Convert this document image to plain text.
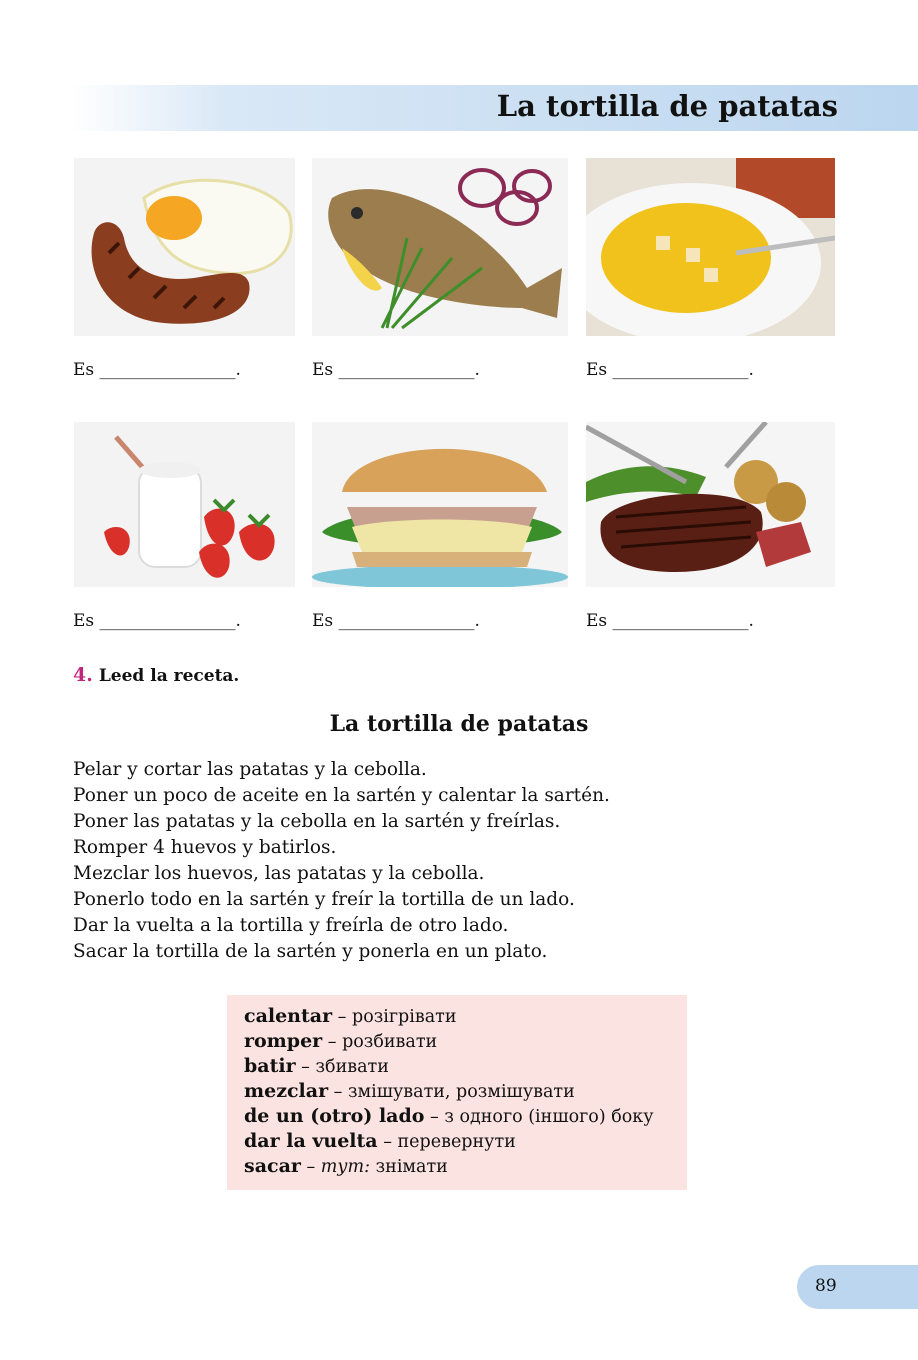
La tortilla de patatas
Es ________________.	Es ________________.	Es ________________.
Es ________________.	Es ________________.	Es ________________.
4. Leed la receta.
La tortilla de patatas
Pelar y cortar las patatas y la cebolla.
Poner un poco de aceite en la sartén y calentar la sartén.
Poner las patatas y la cebolla en la sartén y freírlas.
Romper 4 huevos y batirlos.
Mezclar los huevos, las patatas y la cebolla.
Ponerlo todo en la sartén y freír la tortilla de un lado.
Dar la vuelta a la tortilla y freírla de otro lado.
Sacar la tortilla de la sartén y ponerla en un plato.
calentar – розігрівати
romper – розбивати
batir – збивати
mezclar – змішувати, розмішувати
de un (otro) lado – з одного (іншого) боку
dar la vuelta – перевернути
sacar – тут: знімати
89
